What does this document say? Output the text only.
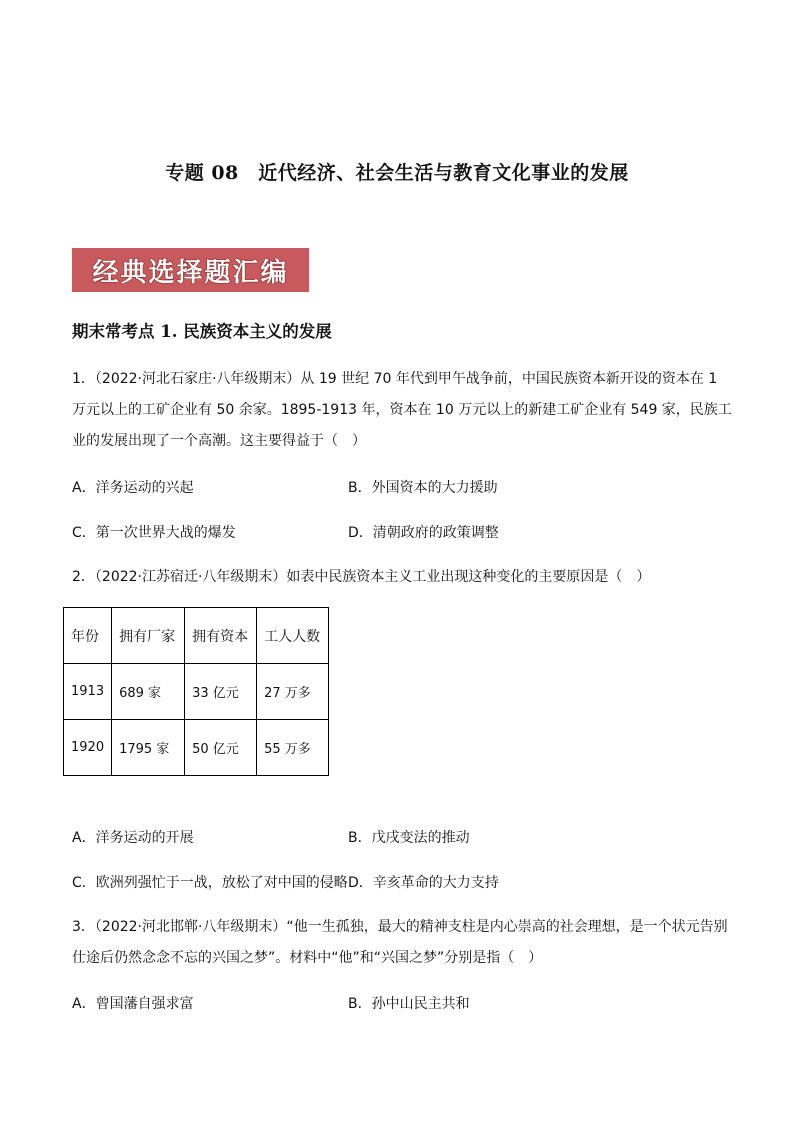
专题 08　近代经济、社会生活与教育文化事业的发展
经典选择题汇编
期末常考点 1. 民族资本主义的发展
1．（2022·河北石家庄·八年级期末）从 19 世纪 70 年代到甲午战争前，中国民族资本新开设的资本在 1 万元以上的工矿企业有 50 余家。1895-1913 年，资本在 10 万元以上的新建工矿企业有 549 家，民族工业的发展出现了一个高潮。这主要得益于（　）
A．洋务运动的兴起	B．外国资本的大力援助
C．第一次世界大战的爆发	D．清朝政府的政策调整
2．（2022·江苏宿迁·八年级期末）如表中民族资本主义工业出现这种变化的主要原因是（　）
年份	拥有厂家	拥有资本	工人人数
1913	689 家	33 亿元	27 万多
1920	1795 家	50 亿元	55 万多
A．洋务运动的开展	B．戊戌变法的推动
C．欧洲列强忙于一战，放松了对中国的侵略 D．辛亥革命的大力支持
3．（2022·河北邯郸·八年级期末）“他一生孤独，最大的精神支柱是内心崇高的社会理想，是一个状元告别仕途后仍然念念不忘的兴国之梦”。材料中“他”和“兴国之梦”分别是指（　）
A．曾国藩自强求富	B．孙中山民主共和
